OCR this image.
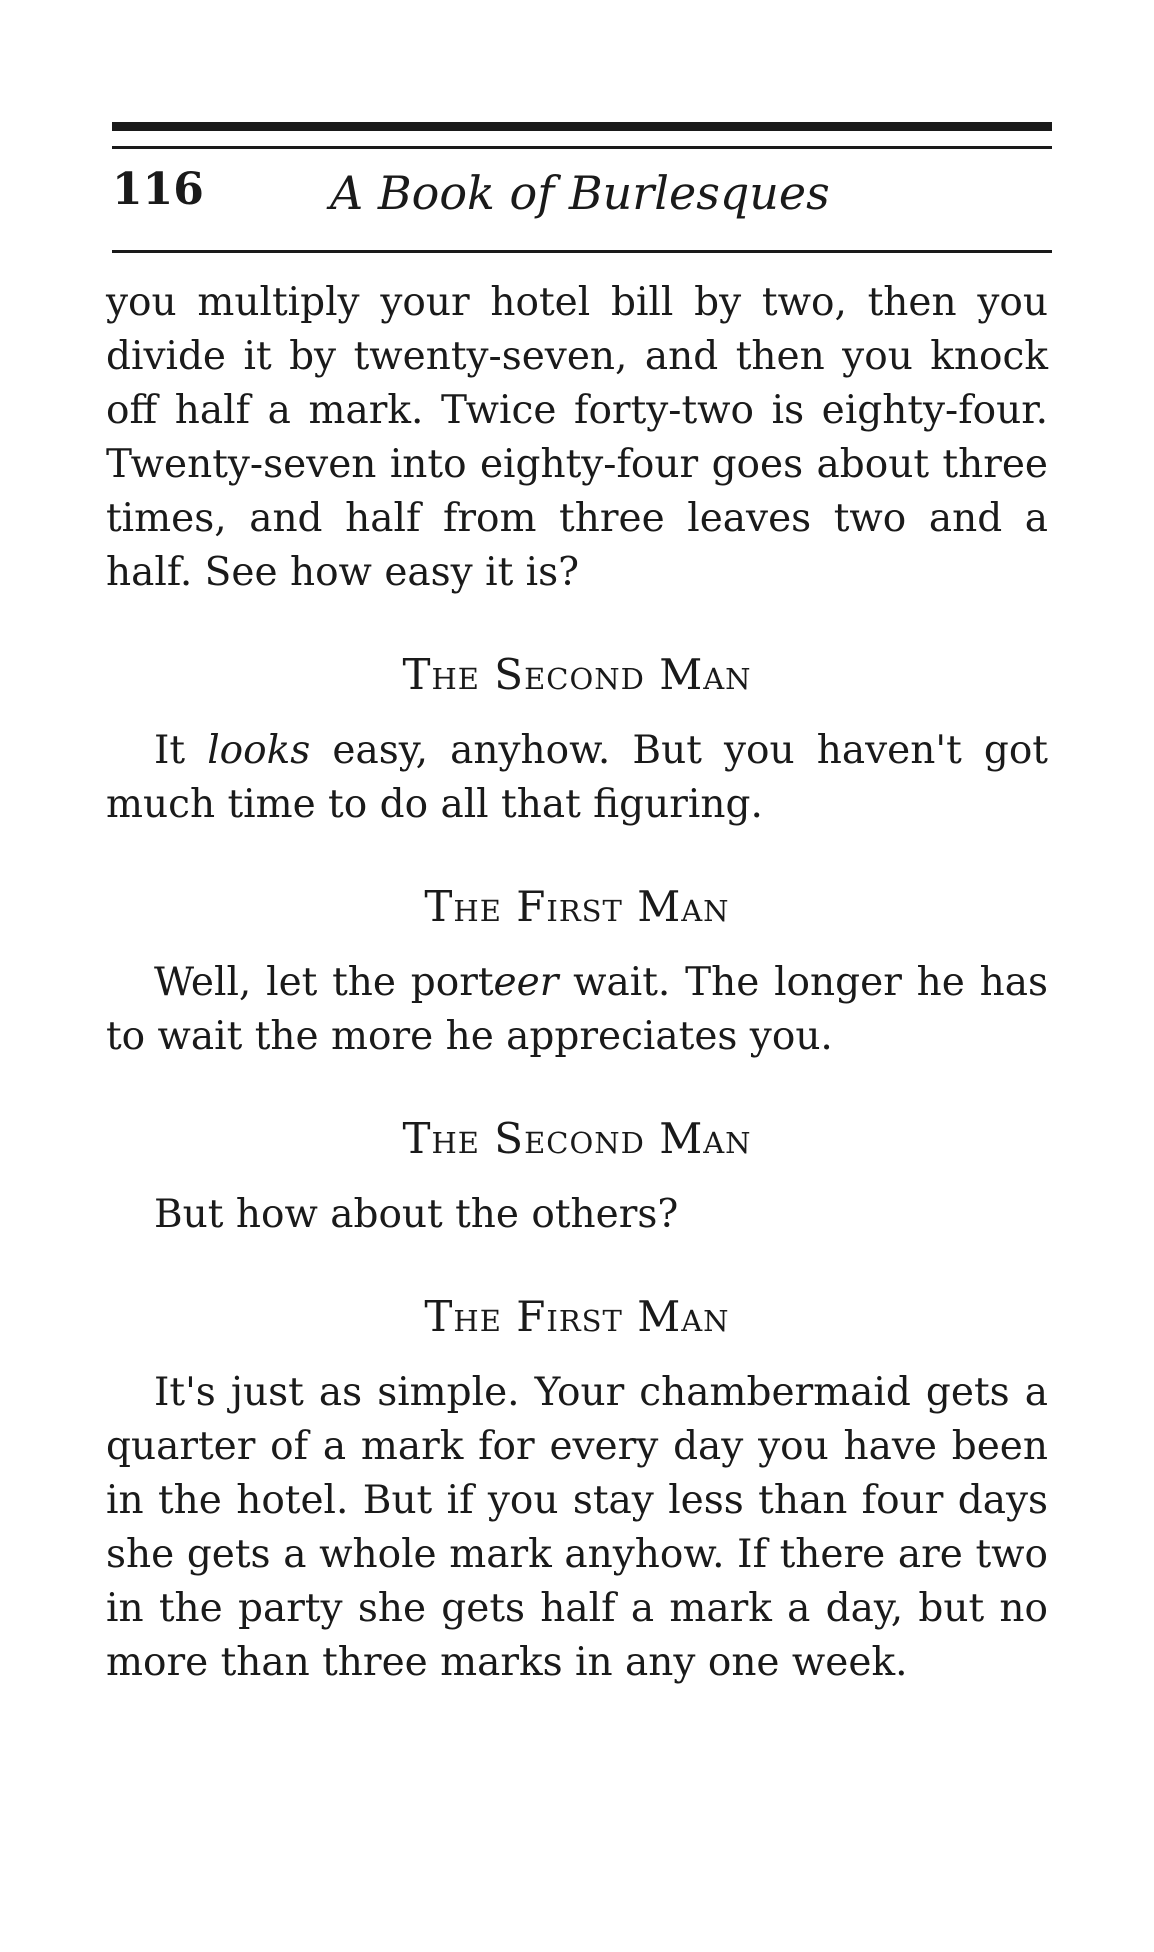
116	A Book of Burlesques

you multiply your hotel bill by two, then you divide it by twenty-seven, and then you knock off half a mark. Twice forty-two is eighty-four. Twenty-seven into eighty-four goes about three times, and half from three leaves two and a half. See how easy it is?

The Second Man

It looks easy, anyhow. But you haven't got much time to do all that figuring.

The First Man

Well, let the porteer wait. The longer he has to wait the more he appreciates you.

The Second Man

But how about the others?

The First Man

It's just as simple. Your chambermaid gets a quarter of a mark for every day you have been in the hotel. But if you stay less than four days she gets a whole mark anyhow. If there are two in the party she gets half a mark a day, but no more than three marks in any one week.
